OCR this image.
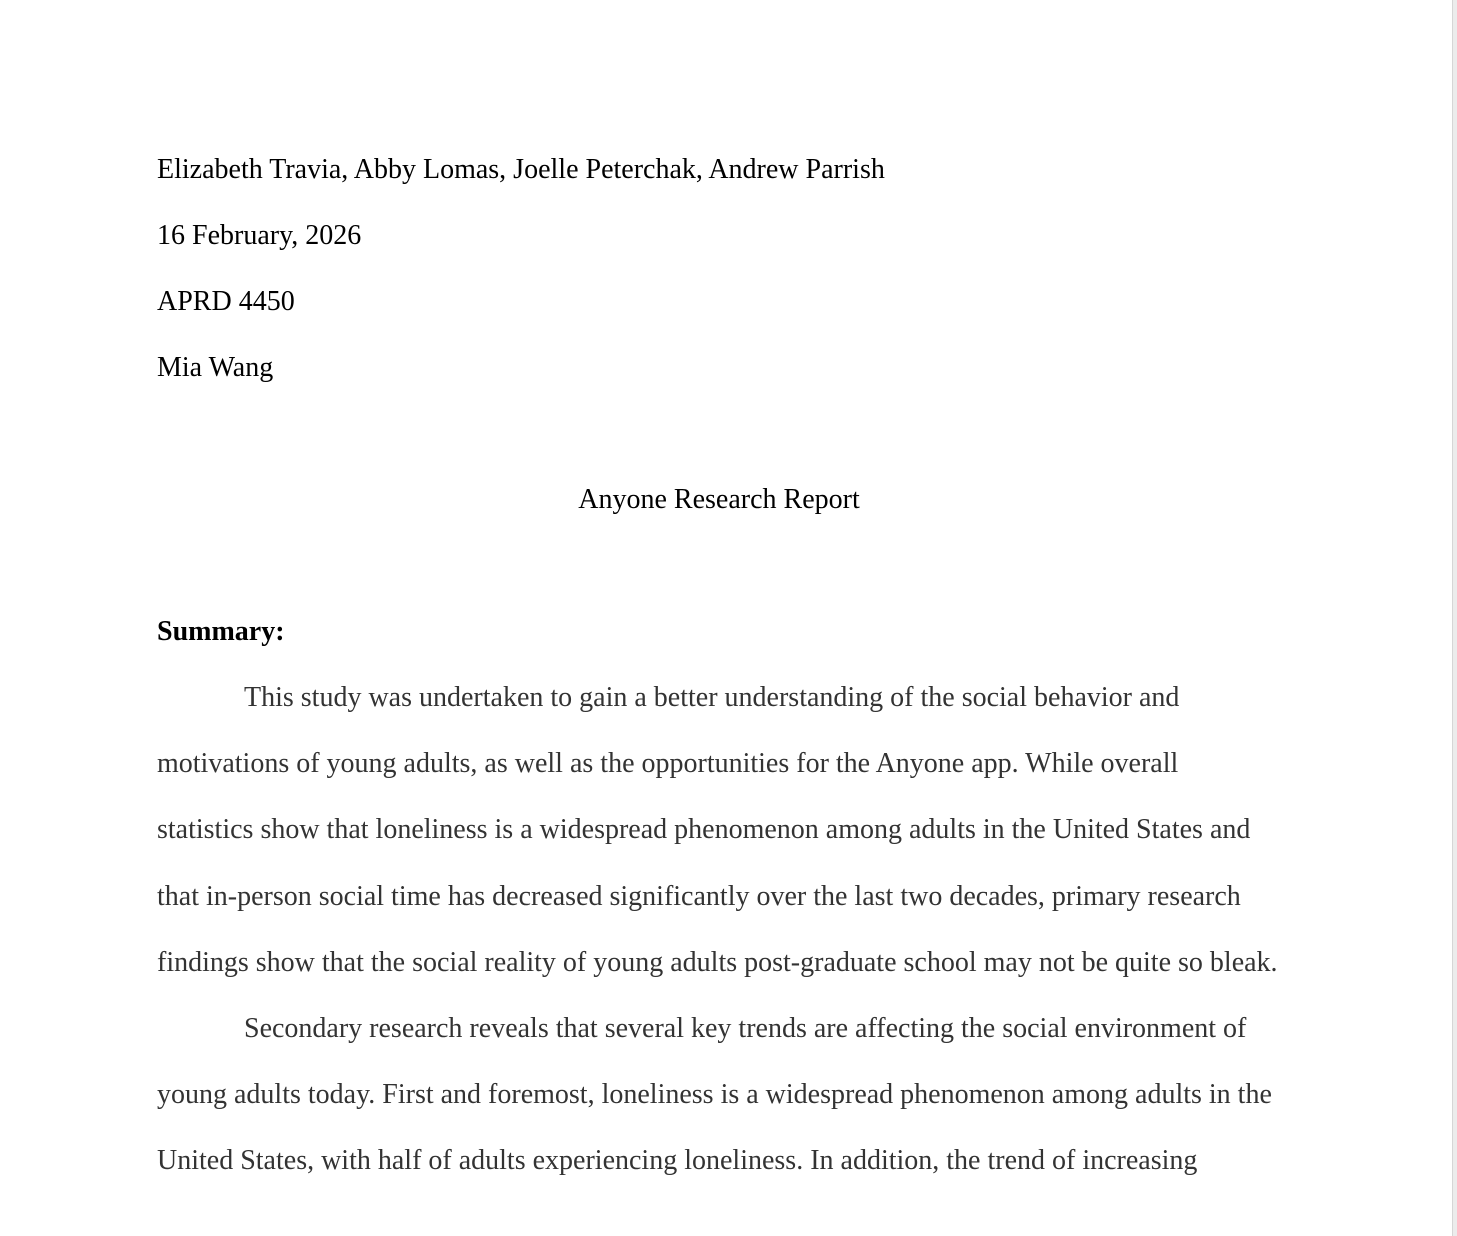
Elizabeth Travia, Abby Lomas, Joelle Peterchak, Andrew Parrish
16 February, 2026
APRD 4450
Mia Wang
Anyone Research Report
Summary:

This study was undertaken to gain a better understanding of the social behavior and motivations of young adults, as well as the opportunities for the Anyone app. While overall statistics show that loneliness is a widespread phenomenon among adults in the United States and that in-person social time has decreased significantly over the last two decades, primary research findings show that the social reality of young adults post-graduate school may not be quite so bleak.

Secondary research reveals that several key trends are affecting the social environment of young adults today. First and foremost, loneliness is a widespread phenomenon among adults in the United States, with half of adults experiencing loneliness. In addition, the trend of increasing
